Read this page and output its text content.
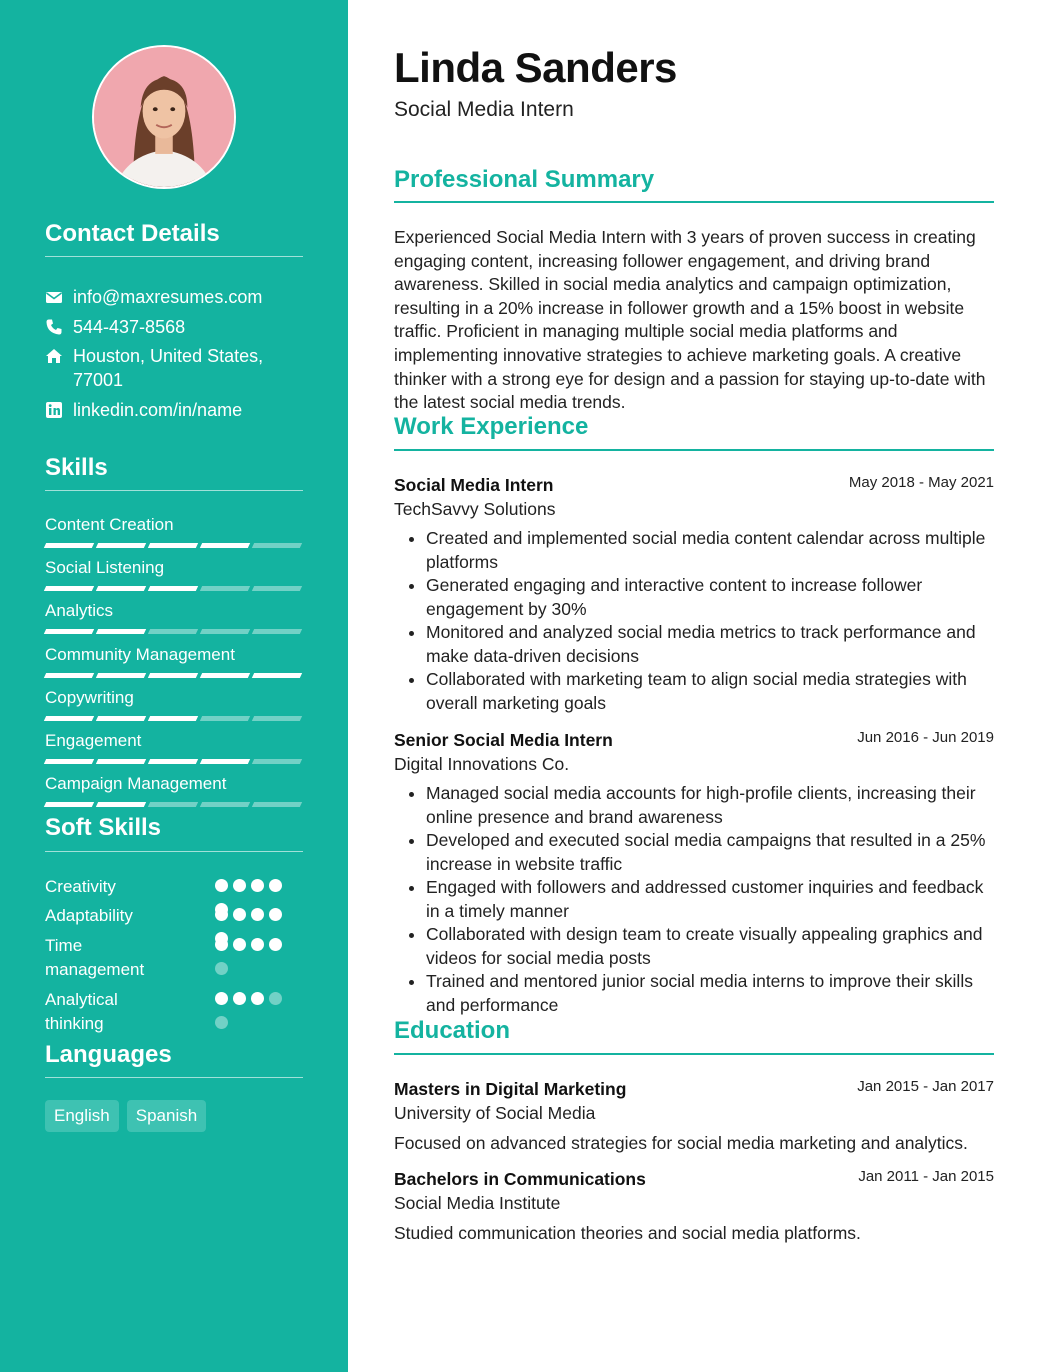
Contact Details
info@maxresumes.com
544-437-8568
Houston, United States, 77001
linkedin.com/in/name
Skills
Content Creation
Social Listening
Analytics
Community Management
Copywriting
Engagement
Campaign Management
Soft Skills
Creativity
Adaptability
Time management
Analytical thinking
Languages
English	Spanish
Linda Sanders
Social Media Intern
Professional Summary
Experienced Social Media Intern with 3 years of proven success in creating engaging content, increasing follower engagement, and driving brand awareness. Skilled in social media analytics and campaign optimization, resulting in a 20% increase in follower growth and a 15% boost in website traffic. Proficient in managing multiple social media platforms and implementing innovative strategies to achieve marketing goals. A creative thinker with a strong eye for design and a passion for staying up-to-date with the latest social media trends.
Work Experience
Social Media Intern	May 2018 - May 2021
TechSavvy Solutions
• Created and implemented social media content calendar across multiple platforms
• Generated engaging and interactive content to increase follower engagement by 30%
• Monitored and analyzed social media metrics to track performance and make data-driven decisions
• Collaborated with marketing team to align social media strategies with overall marketing goals
Senior Social Media Intern	Jun 2016 - Jun 2019
Digital Innovations Co.
• Managed social media accounts for high-profile clients, increasing their online presence and brand awareness
• Developed and executed social media campaigns that resulted in a 25% increase in website traffic
• Engaged with followers and addressed customer inquiries and feedback in a timely manner
• Collaborated with design team to create visually appealing graphics and videos for social media posts
• Trained and mentored junior social media interns to improve their skills and performance
Education
Masters in Digital Marketing	Jan 2015 - Jan 2017
University of Social Media
Focused on advanced strategies for social media marketing and analytics.
Bachelors in Communications	Jan 2011 - Jan 2015
Social Media Institute
Studied communication theories and social media platforms.
